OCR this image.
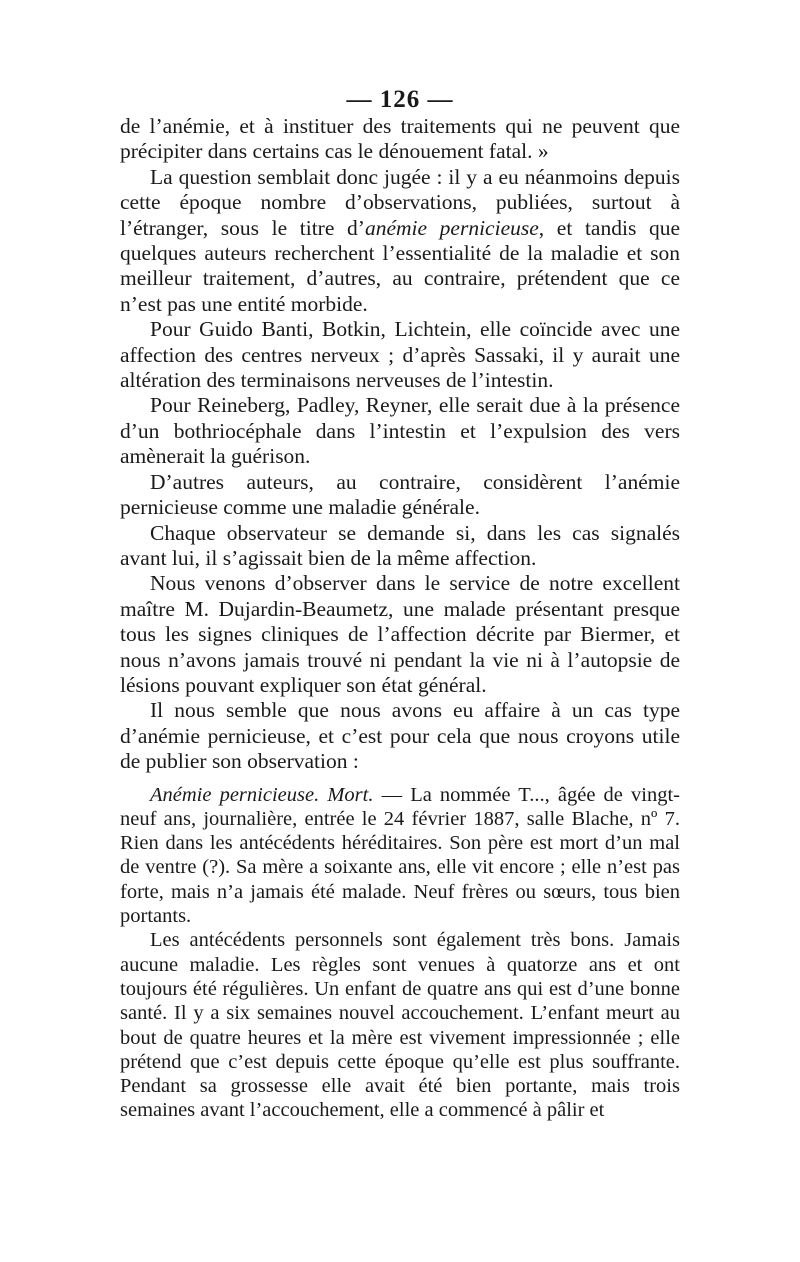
— 126 —

de l’anémie, et à instituer des traitements qui ne peuvent que précipiter dans certains cas le dénouement fatal. »

La question semblait donc jugée : il y a eu néanmoins depuis cette époque nombre d’observations, publiées, surtout à l’étranger, sous le titre d’anémie pernicieuse, et tandis que quelques auteurs recherchent l’essentialité de la maladie et son meilleur traitement, d’autres, au contraire, prétendent que ce n’est pas une entité morbide.

Pour Guido Banti, Botkin, Lichtein, elle coïncide avec une affection des centres nerveux ; d’après Sassaki, il y aurait une altération des terminaisons nerveuses de l’intestin.

Pour Reineberg, Padley, Reyner, elle serait due à la présence d’un bothriocéphale dans l’intestin et l’expulsion des vers amènerait la guérison.

D’autres auteurs, au contraire, considèrent l’anémie pernicieuse comme une maladie générale.

Chaque observateur se demande si, dans les cas signalés avant lui, il s’agissait bien de la même affection.

Nous venons d’observer dans le service de notre excellent maître M. Dujardin-Beaumetz, une malade présentant presque tous les signes cliniques de l’affection décrite par Biermer, et nous n’avons jamais trouvé ni pendant la vie ni à l’autopsie de lésions pouvant expliquer son état général.

Il nous semble que nous avons eu affaire à un cas type d’anémie pernicieuse, et c’est pour cela que nous croyons utile de publier son observation :

Anémie pernicieuse. Mort. — La nommée T..., âgée de vingt-neuf ans, journalière, entrée le 24 février 1887, salle Blache, nº 7. Rien dans les antécédents héréditaires. Son père est mort d’un mal de ventre (?). Sa mère a soixante ans, elle vit encore ; elle n’est pas forte, mais n’a jamais été malade. Neuf frères ou sœurs, tous bien portants.

Les antécédents personnels sont également très bons. Jamais aucune maladie. Les règles sont venues à quatorze ans et ont toujours été régulières. Un enfant de quatre ans qui est d’une bonne santé. Il y a six semaines nouvel accouchement. L’enfant meurt au bout de quatre heures et la mère est vivement impressionnée ; elle prétend que c’est depuis cette époque qu’elle est plus souffrante. Pendant sa grossesse elle avait été bien portante, mais trois semaines avant l’accouchement, elle a commencé à pâlir et
